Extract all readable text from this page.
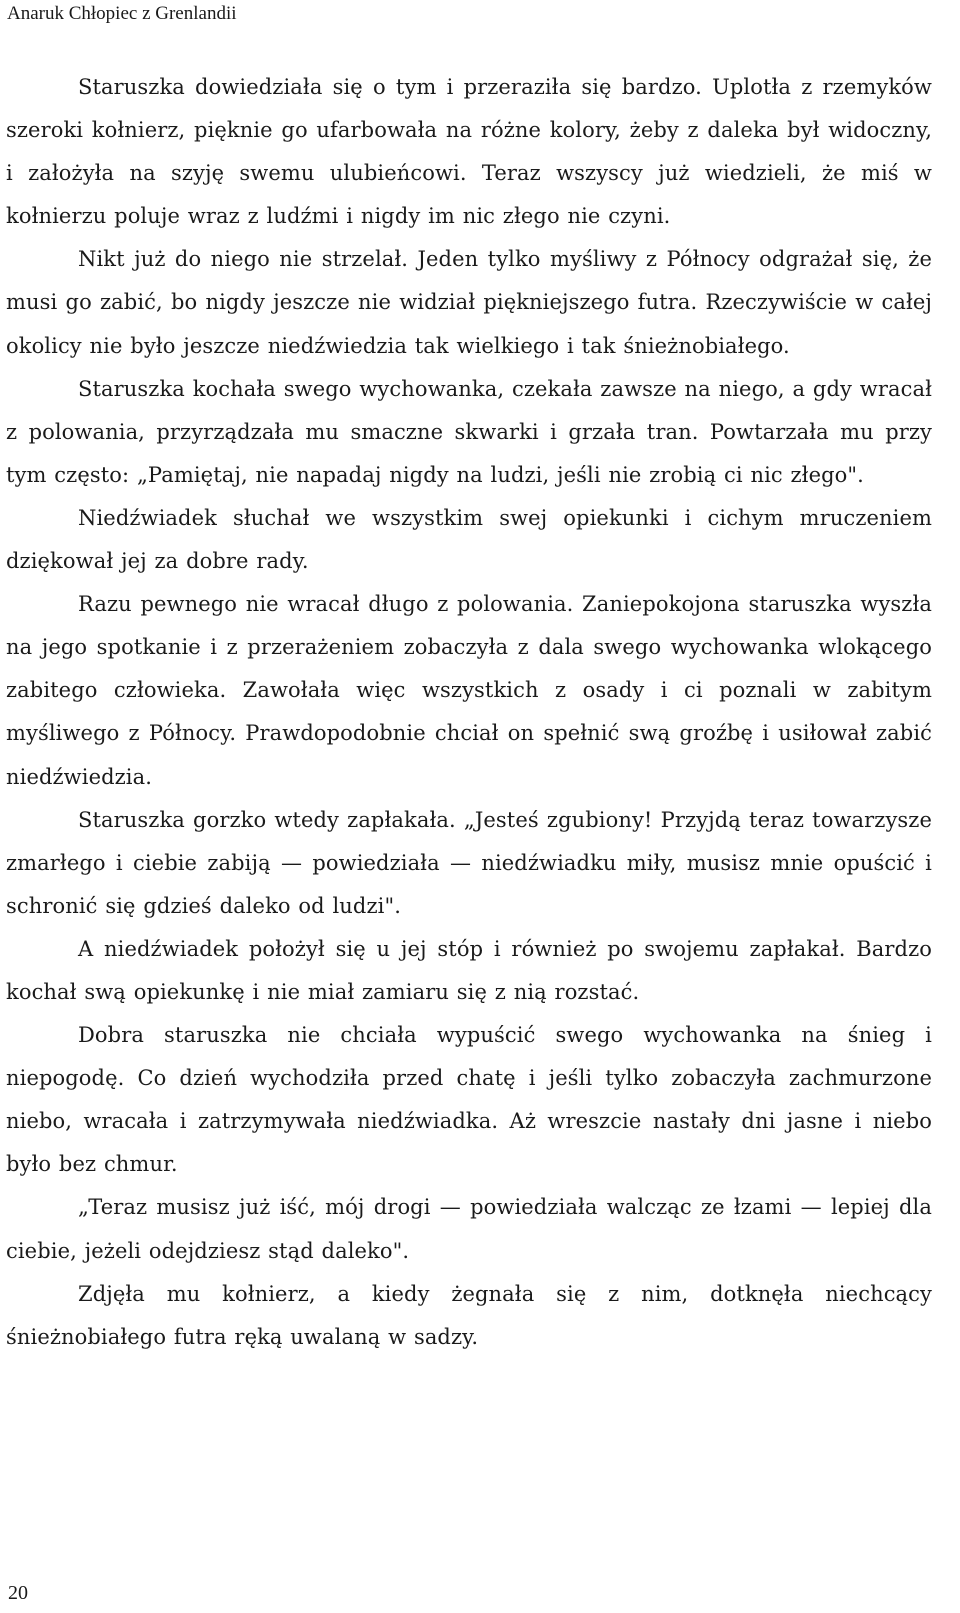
Anaruk Chłopiec z Grenlandii

Staruszka dowiedziała się o tym i przeraziła się bardzo. Uplotła z rzemyków szeroki kołnierz, pięknie go ufarbowała na różne kolory, żeby z daleka był widoczny, i założyła na szyję swemu ulubieńcowi. Teraz wszyscy już wiedzieli, że miś w kołnierzu poluje wraz z ludźmi i nigdy im nic złego nie czyni.

Nikt już do niego nie strzelał. Jeden tylko myśliwy z Północy odgrażał się, że musi go zabić, bo nigdy jeszcze nie widział piękniejszego futra. Rzeczywiście w całej okolicy nie było jeszcze niedźwiedzia tak wielkiego i tak śnieżnobiałego.

Staruszka kochała swego wychowanka, czekała zawsze na niego, a gdy wracał z polowania, przyrządzała mu smaczne skwarki i grzała tran. Powtarzała mu przy tym często: „Pamiętaj, nie napadaj nigdy na ludzi, jeśli nie zrobią ci nic złego".

Niedźwiadek słuchał we wszystkim swej opiekunki i cichym mruczeniem dziękował jej za dobre rady.

Razu pewnego nie wracał długo z polowania. Zaniepokojona staruszka wyszła na jego spotkanie i z przerażeniem zobaczyła z dala swego wychowanka wlokącego zabitego człowieka. Zawołała więc wszystkich z osady i ci poznali w zabitym myśliwego z Północy. Prawdopodobnie chciał on spełnić swą groźbę i usiłował zabić niedźwiedzia.

Staruszka gorzko wtedy zapłakała. „Jesteś zgubiony! Przyjdą teraz towarzysze zmarłego i ciebie zabiją — powiedziała — niedźwiadku miły, musisz mnie opuścić i schronić się gdzieś daleko od ludzi".

A niedźwiadek położył się u jej stóp i również po swojemu zapłakał. Bardzo kochał swą opiekunkę i nie miał zamiaru się z nią rozstać.

Dobra staruszka nie chciała wypuścić swego wychowanka na śnieg i niepogodę. Co dzień wychodziła przed chatę i jeśli tylko zobaczyła zachmurzone niebo, wracała i zatrzymywała niedźwiadka. Aż wreszcie nastały dni jasne i niebo było bez chmur.

„Teraz musisz już iść, mój drogi — powiedziała walcząc ze łzami — lepiej dla ciebie, jeżeli odejdziesz stąd daleko".

Zdjęła mu kołnierz, a kiedy żegnała się z nim, dotknęła niechcący śnieżnobiałego futra ręką uwalaną w sadzy.

20
